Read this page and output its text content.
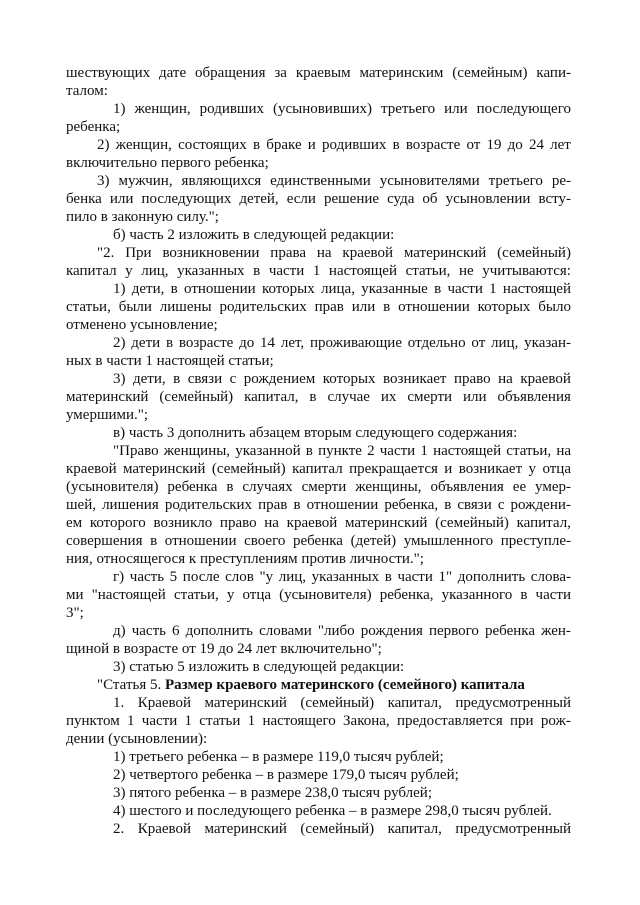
шествующих дате обращения за краевым материнским (семейным) капи-

талом:

1) женщин, родивших (усыновивших) третьего или последующего

ребенка;

2) женщин, состоящих в браке и родивших в возрасте от 19 до 24 лет

включительно первого ребенка;

3) мужчин, являющихся единственными усыновителями третьего ре-

бенка или последующих детей, если решение суда об усыновлении всту-

пило в законную силу.";

б) часть 2 изложить в следующей редакции:

"2. При возникновении права на краевой материнский (семейный)

капитал у лиц, указанных в части 1 настоящей статьи, не учитываются:

1) дети, в отношении которых лица, указанные в части 1 настоящей

статьи, были лишены родительских прав или в отношении которых было

отменено усыновление;

2) дети в возрасте до 14 лет, проживающие отдельно от лиц, указан-

ных в части 1 настоящей статьи;

3) дети, в связи с рождением которых возникает право на краевой

материнский (семейный) капитал, в случае их смерти или объявления

умершими.";

в) часть 3 дополнить абзацем вторым следующего содержания:

"Право женщины, указанной в пункте 2 части 1 настоящей статьи, на

краевой материнский (семейный) капитал прекращается и возникает у отца

(усыновителя) ребенка в случаях смерти женщины, объявления ее умер-

шей, лишения родительских прав в отношении ребенка, в связи с рождени-

ем которого возникло право на краевой материнский (семейный) капитал,

совершения в отношении своего ребенка (детей) умышленного преступле-

ния, относящегося к преступлениям против личности.";

г) часть 5 после слов "у лиц, указанных в части 1" дополнить слова-

ми "настоящей статьи, у отца (усыновителя) ребенка, указанного в части

3";

д) часть 6 дополнить словами "либо рождения первого ребенка жен-

щиной в возрасте от 19 до 24 лет включительно";

3) статью 5 изложить в следующей редакции:

"Статья 5. Размер краевого материнского (семейного) капитала

1. Краевой материнский (семейный) капитал, предусмотренный

пунктом 1 части 1 статьи 1 настоящего Закона, предоставляется при рож-

дении (усыновлении):

1) третьего ребенка – в размере 119,0 тысяч рублей;

2) четвертого ребенка – в размере 179,0 тысяч рублей;

3) пятого ребенка – в размере 238,0 тысяч рублей;

4) шестого и последующего ребенка – в размере 298,0 тысяч рублей.

2. Краевой материнский (семейный) капитал, предусмотренный
